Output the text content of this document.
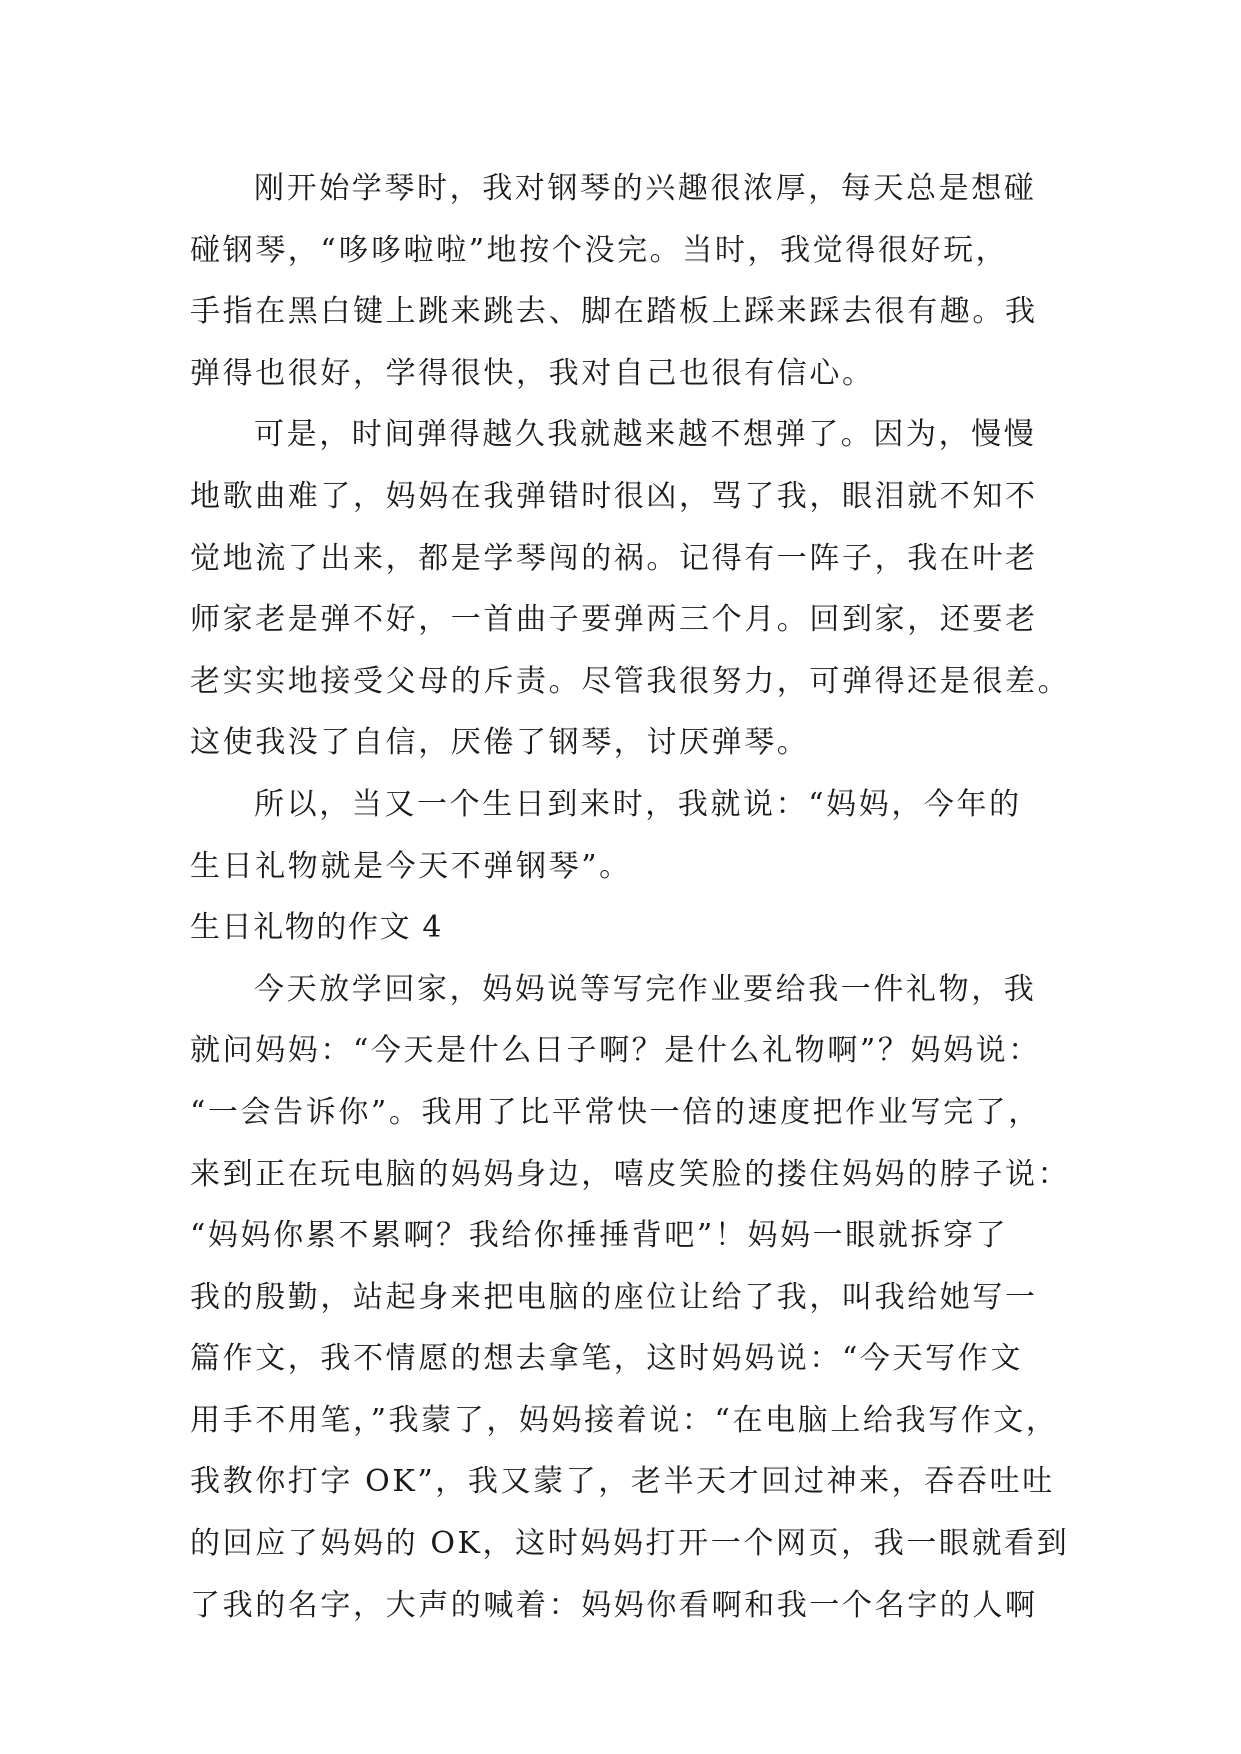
刚开始学琴时，我对钢琴的兴趣很浓厚，每天总是想碰
碰钢琴，“哆哆啦啦”地按个没完。当时，我觉得很好玩，
手指在黑白键上跳来跳去、脚在踏板上踩来踩去很有趣。我
弹得也很好，学得很快，我对自己也很有信心。
可是，时间弹得越久我就越来越不想弹了。因为，慢慢
地歌曲难了，妈妈在我弹错时很凶，骂了我，眼泪就不知不
觉地流了出来，都是学琴闯的祸。记得有一阵子，我在叶老
师家老是弹不好，一首曲子要弹两三个月。回到家，还要老
老实实地接受父母的斥责。尽管我很努力，可弹得还是很差。
这使我没了自信，厌倦了钢琴，讨厌弹琴。
所以，当又一个生日到来时，我就说：“妈妈，今年的
生日礼物就是今天不弹钢琴”。
生日礼物的作文 4
今天放学回家，妈妈说等写完作业要给我一件礼物，我
就问妈妈：“今天是什么日子啊？是什么礼物啊”？妈妈说：
“一会告诉你”。我用了比平常快一倍的速度把作业写完了，
来到正在玩电脑的妈妈身边，嘻皮笑脸的搂住妈妈的脖子说：
“妈妈你累不累啊？我给你捶捶背吧”！妈妈一眼就拆穿了
我的殷勤，站起身来把电脑的座位让给了我，叫我给她写一
篇作文，我不情愿的想去拿笔，这时妈妈说：“今天写作文
用手不用笔，”我蒙了，妈妈接着说：“在电脑上给我写作文，
我教你打字 OK”，我又蒙了，老半天才回过神来，吞吞吐吐
的回应了妈妈的 OK，这时妈妈打开一个网页，我一眼就看到
了我的名字，大声的喊着：妈妈你看啊和我一个名字的人啊
